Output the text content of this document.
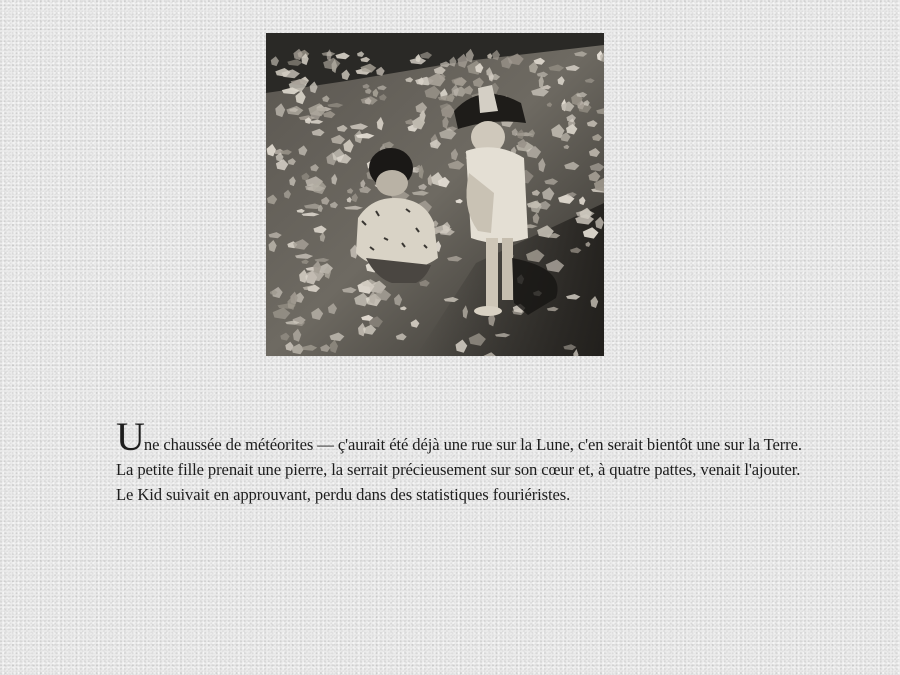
Une chaussée de météorites — ç'aurait été déjà une rue sur la Lune, c'en serait bientôt une sur la Terre. La petite fille prenait une pierre, la serrait précieusement sur son cœur et, à quatre pattes, venait l'ajouter. Le Kid suivait en approuvant, perdu dans des statistiques fouriéristes.
